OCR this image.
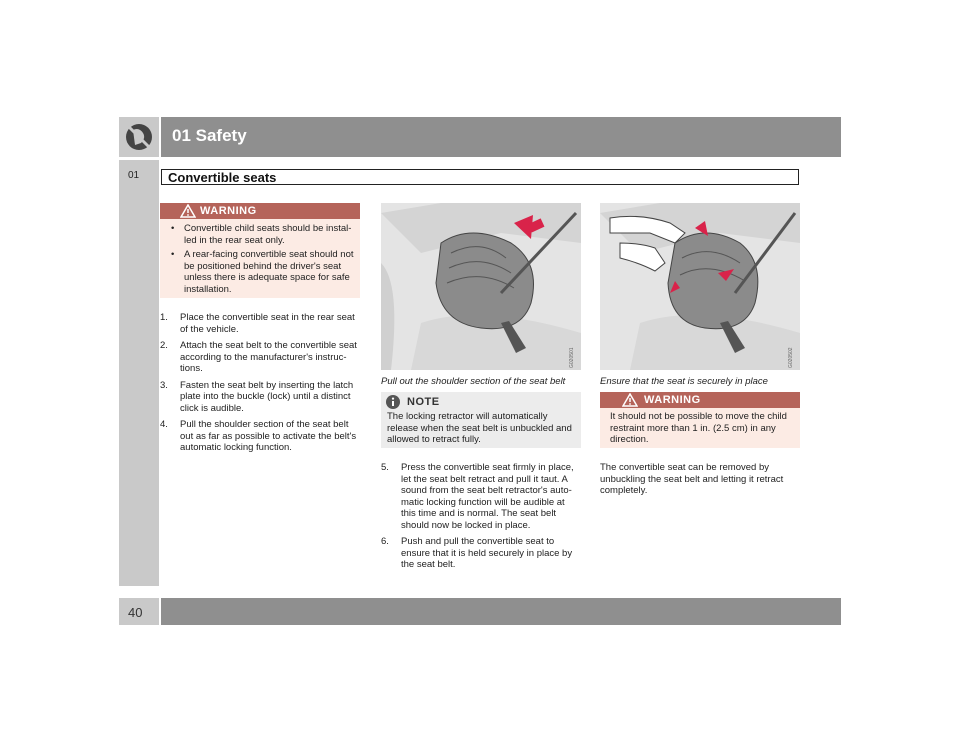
01 Safety
01 Convertible seats
WARNING
• Convertible child seats should be instal-led in the rear seat only.
• A rear-facing convertible seat should not be positioned behind the driver's seat unless there is adequate space for safe installation.
1. Place the convertible seat in the rear seat of the vehicle.
2. Attach the seat belt to the convertible seat according to the manufacturer's instruc-tions.
3. Fasten the seat belt by inserting the latch plate into the buckle (lock) until a distinct click is audible.
4. Pull the shoulder section of the seat belt out as far as possible to activate the belt's automatic locking function.
G020501
Pull out the shoulder section of the seat belt
NOTE
The locking retractor will automatically release when the seat belt is unbuckled and allowed to retract fully.
5. Press the convertible seat firmly in place, let the seat belt retract and pull it taut. A sound from the seat belt retractor's auto-matic locking function will be audible at this time and is normal. The seat belt should now be locked in place.
6. Push and pull the convertible seat to ensure that it is held securely in place by the seat belt.
G020502
Ensure that the seat is securely in place
WARNING
It should not be possible to move the child restraint more than 1 in. (2.5 cm) in any direction.
The convertible seat can be removed by unbuckling the seat belt and letting it retract completely.
40
